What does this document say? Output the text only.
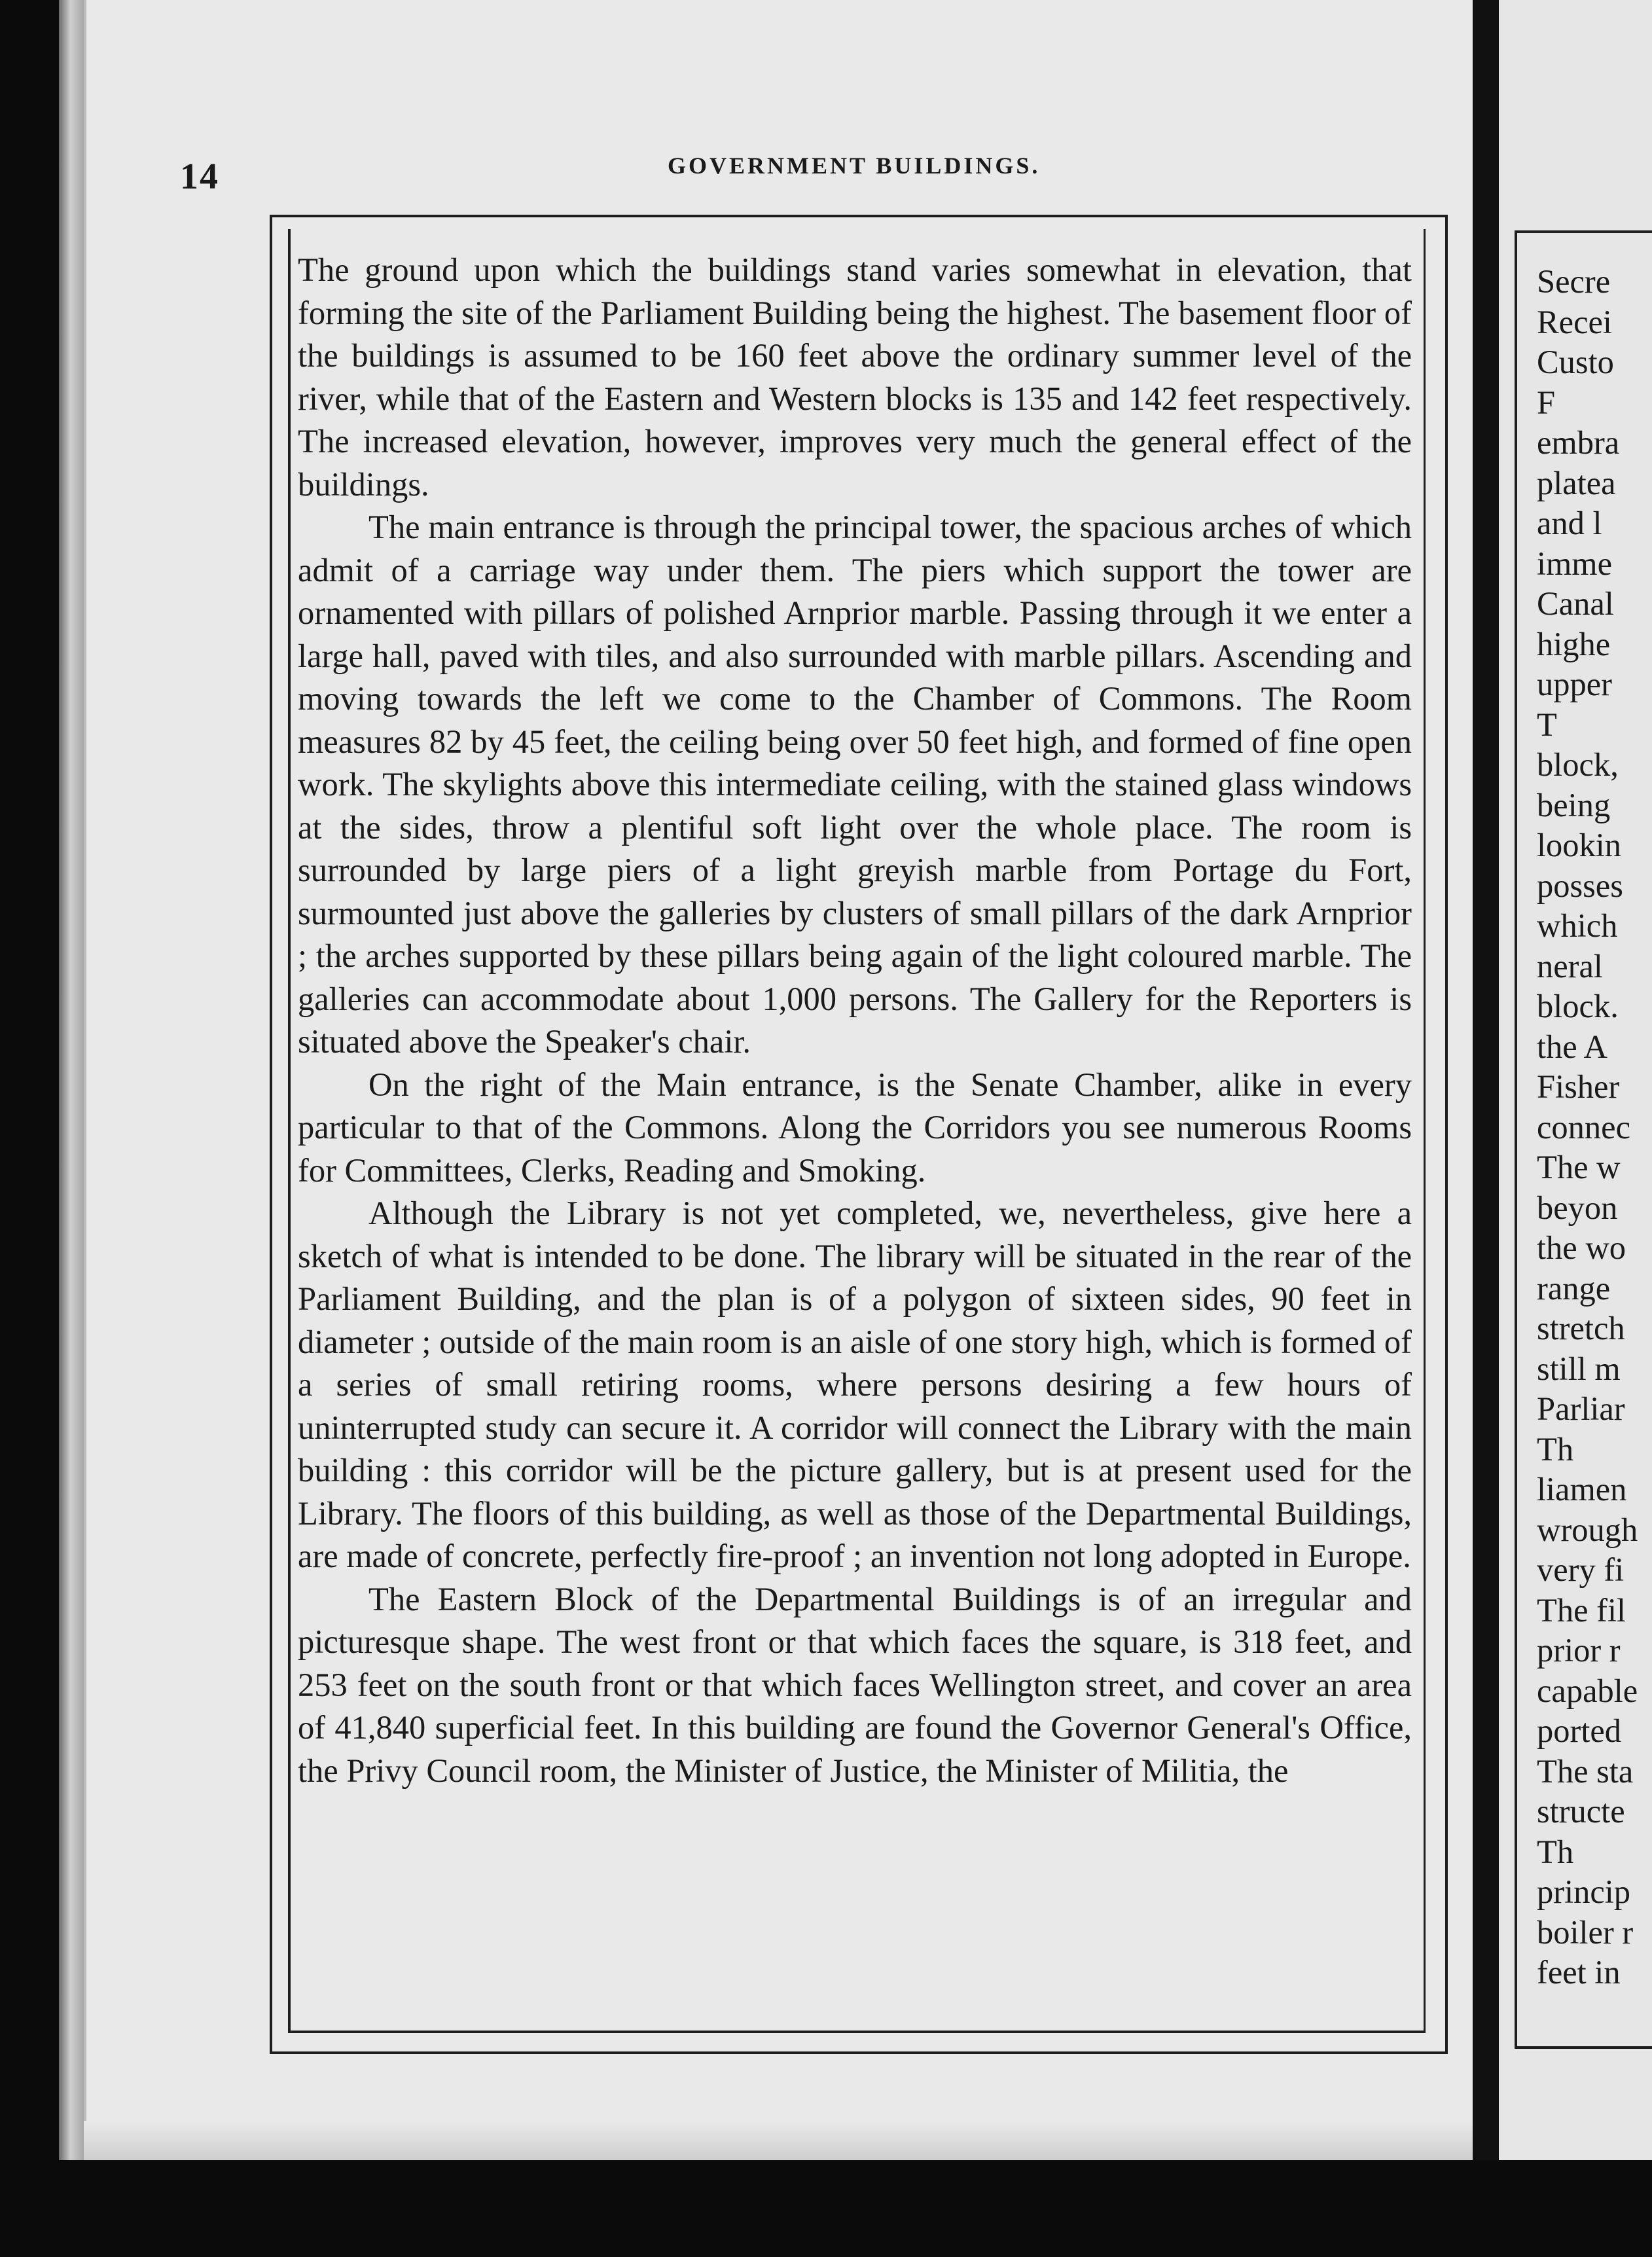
14	GOVERNMENT BUILDINGS.

The ground upon which the buildings stand varies somewhat in elevation, that forming the site of the Parliament Building being the highest. The basement floor of the buildings is assumed to be 160 feet above the ordinary summer level of the river, while that of the Eastern and Western blocks is 135 and 142 feet respectively. The increased elevation, however, improves very much the general effect of the buildings.

The main entrance is through the principal tower, the spacious arches of which admit of a carriage way under them. The piers which support the tower are ornamented with pillars of polished Arnprior marble. Passing through it we enter a large hall, paved with tiles, and also surrounded with marble pillars. Ascending and moving towards the left we come to the Chamber of Commons. The Room measures 82 by 45 feet, the ceiling being over 50 feet high, and formed of fine open work. The skylights above this intermediate ceiling, with the stained glass windows at the sides, throw a plentiful soft light over the whole place. The room is surrounded by large piers of a light greyish marble from Portage du Fort, surmounted just above the galleries by clusters of small pillars of the dark Arnprior ; the arches supported by these pillars being again of the light coloured marble. The galleries can accommodate about 1,000 persons. The Gallery for the Reporters is situated above the Speaker's chair.

On the right of the Main entrance, is the Senate Chamber, alike in every particular to that of the Commons. Along the Corridors you see numerous Rooms for Committees, Clerks, Reading and Smoking.

Although the Library is not yet completed, we, nevertheless, give here a sketch of what is intended to be done. The library will be situated in the rear of the Parliament Building, and the plan is of a polygon of sixteen sides, 90 feet in diameter ; outside of the main room is an aisle of one story high, which is formed of a series of small retiring rooms, where persons desiring a few hours of uninterrupted study can secure it. A corridor will connect the Library with the main building : this corridor will be the picture gallery, but is at present used for the Library. The floors of this building, as well as those of the Departmental Buildings, are made of concrete, perfectly fire-proof ; an invention not long adopted in Europe.

The Eastern Block of the Departmental Buildings is of an irregular and picturesque shape. The west front or that which faces the square, is 318 feet, and 253 feet on the south front or that which faces Wellington street, and cover an area of 41,840 superficial feet. In this building are found the Governor General's Office, the Privy Council room, the Minister of Justice, the Minister of Militia, the

Secre
Recei
Custo
F
embra
platea
and l
imme
Canal
highe
upper
T
block,
being
lookin
posses
which
neral
block.
the A
Fisher
connec
The w
beyon
the wo
range
stretch
still m
Parliar
Th
liamen
wrough
very fi
The fil
prior r
capable
ported
The sta
structe
Th
princip
boiler r
feet in
